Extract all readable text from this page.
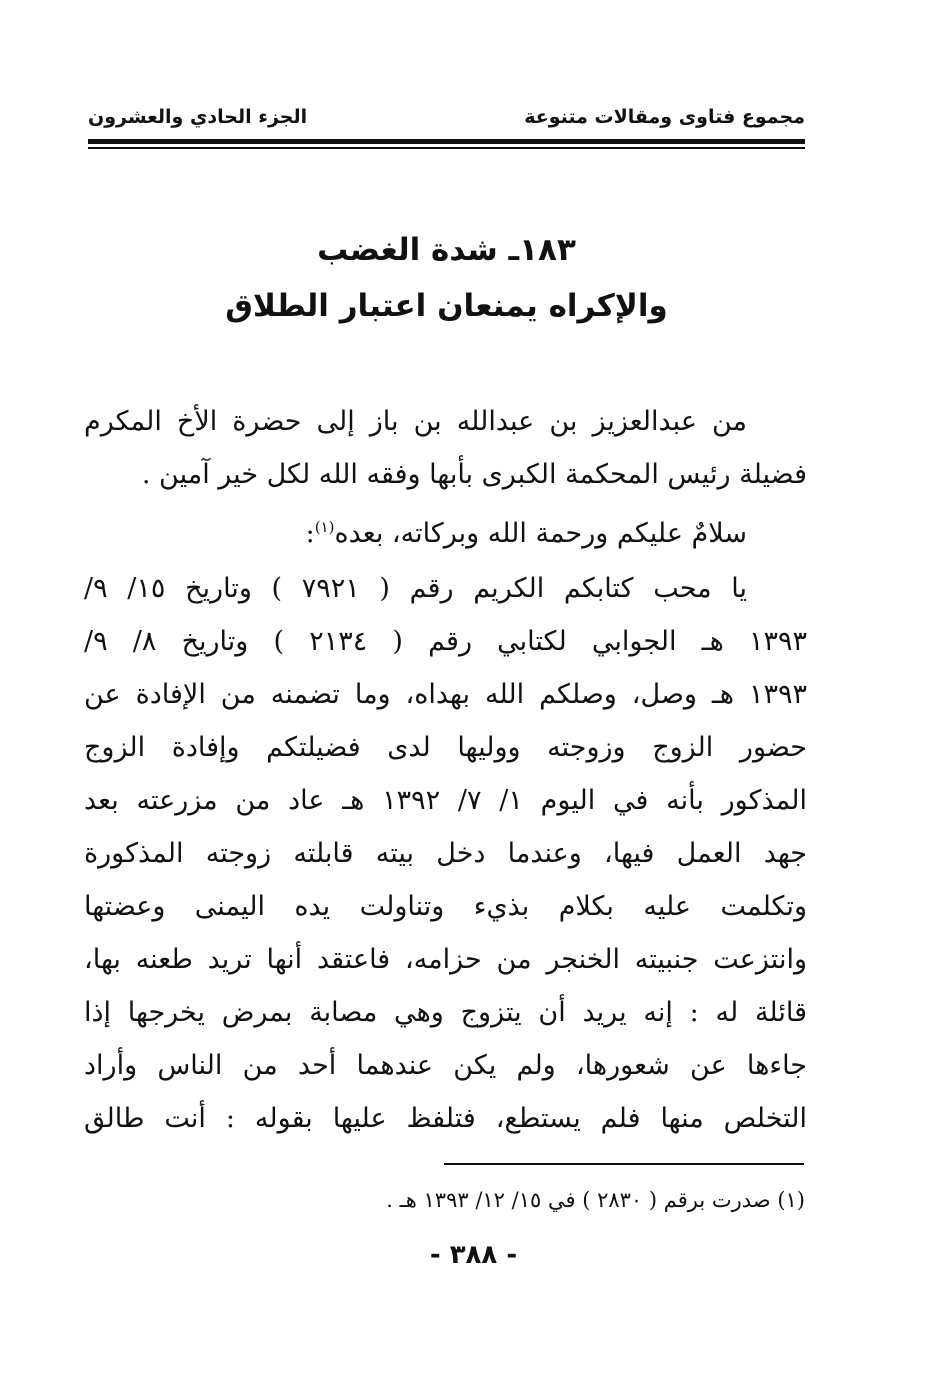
مجموع فتاوى ومقالات متنوعة
الجزء الحادي والعشرون
١٨٣ـ شدة الغضب
والإكراه يمنعان اعتبار الطلاق
من عبدالعزيز بن عبدالله بن باز إلى حضرة الأخ المكرم
فضيلة رئيس المحكمة الكبرى بأبها وفقه الله لكل خير آمين .
سلامٌ عليكم ورحمة الله وبركاته، بعده$^{(١)}$:
يا محب كتابكم الكريم رقم ( ٧٩٢١ ) وتاريخ ١٥/ ٩/
١٣٩٣ هـ الجوابي لكتابي رقم ( ٢١٣٤ ) وتاريخ ٨/ ٩/
١٣٩٣ هـ وصل، وصلكم الله بهداه، وما تضمنه من الإفادة عن
حضور الزوج وزوجته ووليها لدى فضيلتكم وإفادة الزوج
المذكور بأنه في اليوم ١/ ٧/ ١٣٩٢ هـ عاد من مزرعته بعد
جهد العمل فيها، وعندما دخل بيته قابلته زوجته المذكورة
وتكلمت عليه بكلام بذيء وتناولت يده اليمنى وعضتها
وانتزعت جنبيته الخنجر من حزامه، فاعتقد أنها تريد طعنه بها،
قائلة له : إنه يريد أن يتزوج وهي مصابة بمرض يخرجها إذا
جاءها عن شعورها، ولم يكن عندهما أحد من الناس وأراد
التخلص منها فلم يستطع، فتلفظ عليها بقوله : أنت طالق
(١) صدرت برقم ( ٢٨٣٠ ) في ١٥/ ١٢/ ١٣٩٣ هـ .
- ٣٨٨ -
